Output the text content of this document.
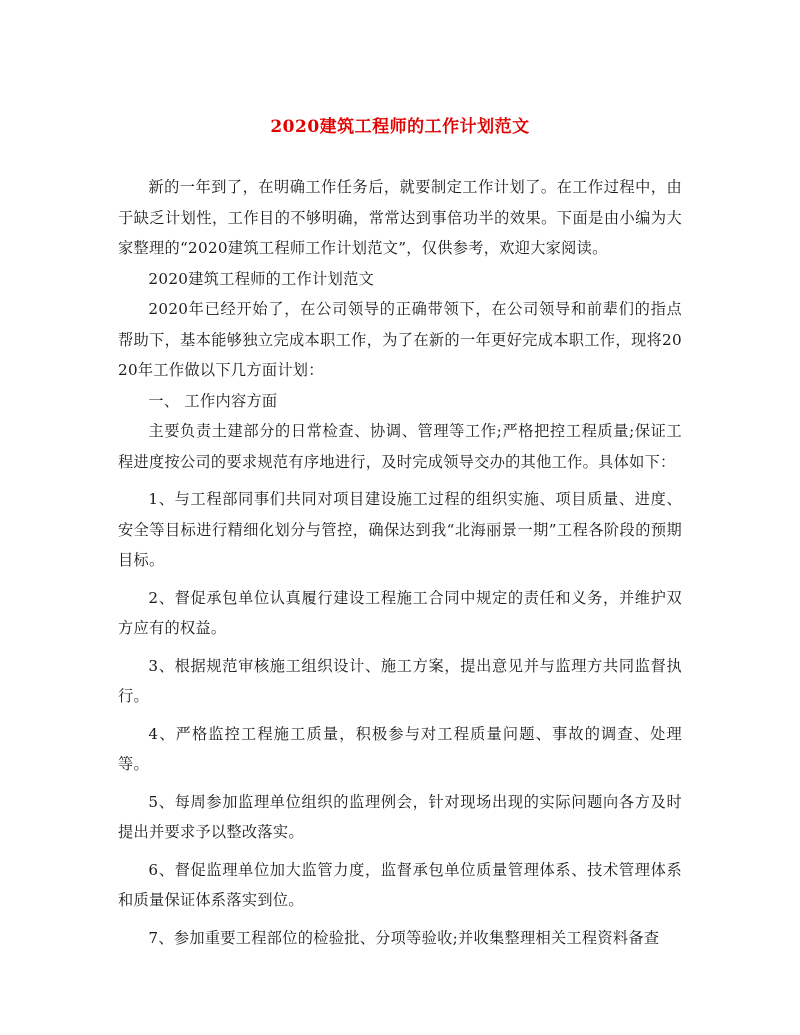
2020建筑工程师的工作计划范文

新的一年到了，在明确工作任务后，就要制定工作计划了。在工作过程中，由于缺乏计划性，工作目的不够明确，常常达到事倍功半的效果。下面是由小编为大家整理的“2020建筑工程师工作计划范文”，仅供参考，欢迎大家阅读。

2020建筑工程师的工作计划范文

2020年已经开始了，在公司领导的正确带领下，在公司领导和前辈们的指点帮助下，基本能够独立完成本职工作，为了在新的一年更好完成本职工作，现将2020年工作做以下几方面计划：

一、 工作内容方面

主要负责土建部分的日常检查、协调、管理等工作;严格把控工程质量;保证工程进度按公司的要求规范有序地进行，及时完成领导交办的其他工作。具体如下：

1、与工程部同事们共同对项目建设施工过程的组织实施、项目质量、进度、安全等目标进行精细化划分与管控，确保达到我“北海丽景一期”工程各阶段的预期目标。

2、督促承包单位认真履行建设工程施工合同中规定的责任和义务，并维护双方应有的权益。

3、根据规范审核施工组织设计、施工方案，提出意见并与监理方共同监督执行。

4、严格监控工程施工质量，积极参与对工程质量问题、事故的调查、处理等。

5、每周参加监理单位组织的监理例会，针对现场出现的实际问题向各方及时提出并要求予以整改落实。

6、督促监理单位加大监管力度，监督承包单位质量管理体系、技术管理体系和质量保证体系落实到位。

7、参加重要工程部位的检验批、分项等验收;并收集整理相关工程资料备查
